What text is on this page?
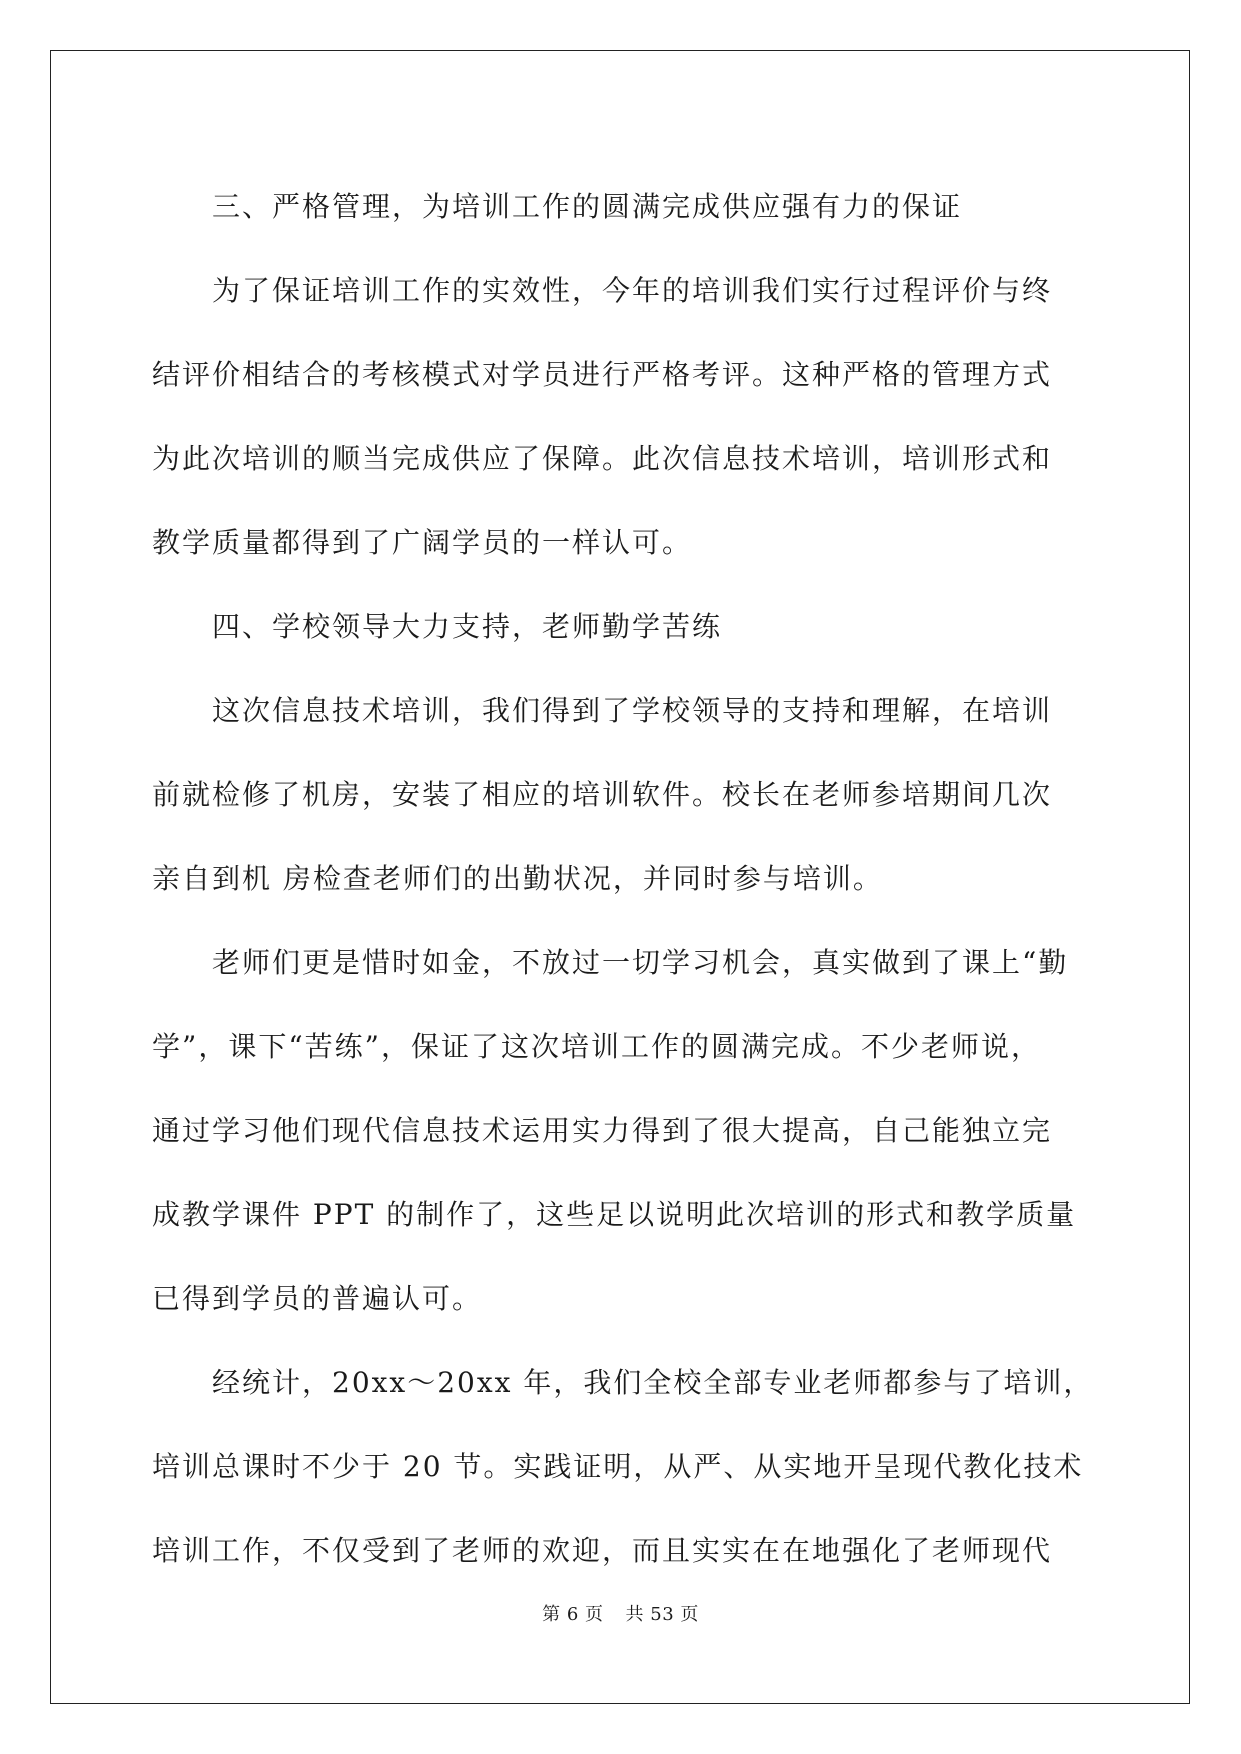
三、严格管理，为培训工作的圆满完成供应强有力的保证

为了保证培训工作的实效性，今年的培训我们实行过程评价与终
结评价相结合的考核模式对学员进行严格考评。这种严格的管理方式
为此次培训的顺当完成供应了保障。此次信息技术培训，培训形式和
教学质量都得到了广阔学员的一样认可。

四、学校领导大力支持，老师勤学苦练

这次信息技术培训，我们得到了学校领导的支持和理解，在培训
前就检修了机房，安装了相应的培训软件。校长在老师参培期间几次
亲自到机 房检查老师们的出勤状况，并同时参与培训。
老师们更是惜时如金，不放过一切学习机会，真实做到了课上“勤
学”，课下“苦练”，保证了这次培训工作的圆满完成。不少老师说，
通过学习他们现代信息技术运用实力得到了很大提高，自己能独立完
成教学课件 PPT 的制作了，这些足以说明此次培训的形式和教学质量
已得到学员的普遍认可。
经统计，20xx～20xx 年，我们全校全部专业老师都参与了培训，
培训总课时不少于 20 节。实践证明，从严、从实地开呈现代教化技术
培训工作，不仅受到了老师的欢迎，而且实实在在地强化了老师现代
第 6 页 共 53 页
